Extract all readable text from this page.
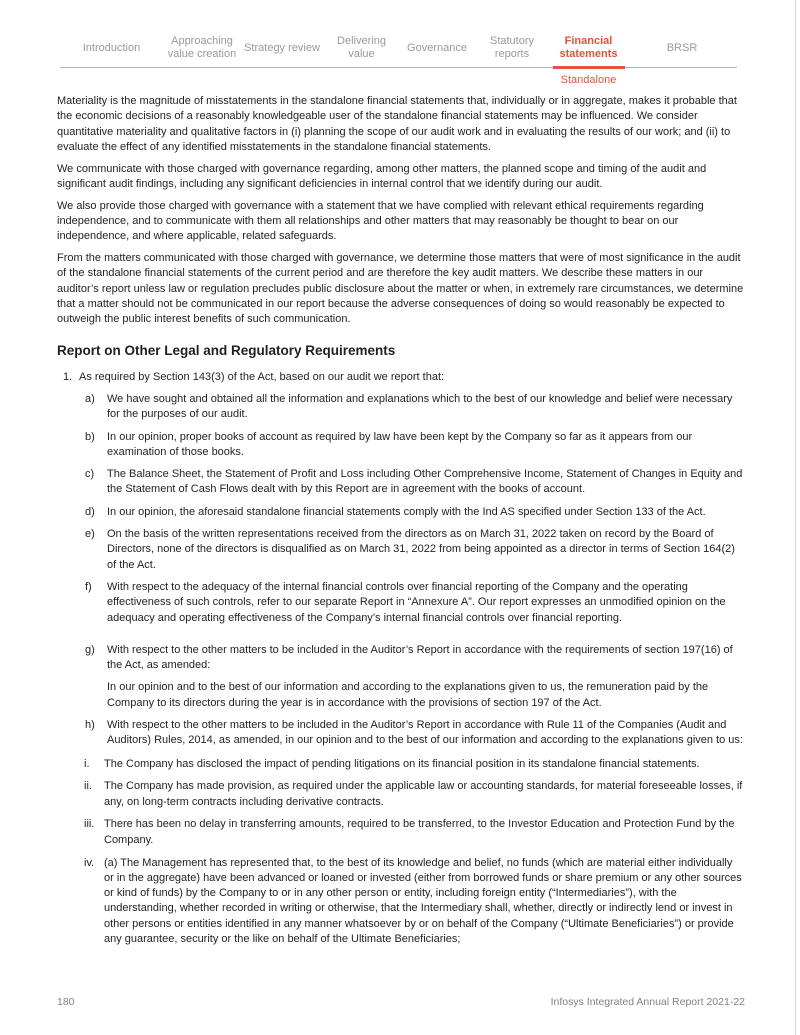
Introduction
Approaching value creation
Strategy review
Delivering value
Governance
Statutory reports
Financial statements
Standalone
BRSR

Materiality is the magnitude of misstatements in the standalone financial statements that, individually or in aggregate, makes it probable that the economic decisions of a reasonably knowledgeable user of the standalone financial statements may be influenced. We consider quantitative materiality and qualitative factors in (i) planning the scope of our audit work and in evaluating the results of our work; and (ii) to evaluate the effect of any identified misstatements in the standalone financial statements.

We communicate with those charged with governance regarding, among other matters, the planned scope and timing of the audit and significant audit findings, including any significant deficiencies in internal control that we identify during our audit.

We also provide those charged with governance with a statement that we have complied with relevant ethical requirements regarding independence, and to communicate with them all relationships and other matters that may reasonably be thought to bear on our independence, and where applicable, related safeguards.

From the matters communicated with those charged with governance, we determine those matters that were of most significance in the audit of the standalone financial statements of the current period and are therefore the key audit matters. We describe these matters in our auditor’s report unless law or regulation precludes public disclosure about the matter or when, in extremely rare circumstances, we determine that a matter should not be communicated in our report because the adverse consequences of doing so would reasonably be expected to outweigh the public interest benefits of such communication.

Report on Other Legal and Regulatory Requirements
1. As required by Section 143(3) of the Act, based on our audit we report that:
a)	We have sought and obtained all the information and explanations which to the best of our knowledge and belief were necessary for the purposes of our audit.
b)	In our opinion, proper books of account as required by law have been kept by the Company so far as it appears from our examination of those books.
c)	The Balance Sheet, the Statement of Profit and Loss including Other Comprehensive Income, Statement of Changes in Equity and the Statement of Cash Flows dealt with by this Report are in agreement with the books of account.
d)	In our opinion, the aforesaid standalone financial statements comply with the Ind AS specified under Section 133 of the Act.
e)	On the basis of the written representations received from the directors as on March 31, 2022 taken on record by the Board of Directors, none of the directors is disqualified as on March 31, 2022 from being appointed as a director in terms of Section 164(2) of the Act.
f)	With respect to the adequacy of the internal financial controls over financial reporting of the Company and the operating effectiveness of such controls, refer to our separate Report in “Annexure A”. Our report expresses an unmodified opinion on the adequacy and operating effectiveness of the Company’s internal financial controls over financial reporting.
g)	With respect to the other matters to be included in the Auditor’s Report in accordance with the requirements of section 197(16) of the Act, as amended:
In our opinion and to the best of our information and according to the explanations given to us, the remuneration paid by the Company to its directors during the year is in accordance with the provisions of section 197 of the Act.
h)	With respect to the other matters to be included in the Auditor’s Report in accordance with Rule 11 of the Companies (Audit and Auditors) Rules, 2014, as amended, in our opinion and to the best of our information and according to the explanations given to us:
i.	The Company has disclosed the impact of pending litigations on its financial position in its standalone financial statements.
ii.	The Company has made provision, as required under the applicable law or accounting standards, for material foreseeable losses, if any, on long-term contracts including derivative contracts.
iii. There has been no delay in transferring amounts, required to be transferred, to the Investor Education and Protection Fund by the Company.
iv. (a) The Management has represented that, to the best of its knowledge and belief, no funds (which are material either individually or in the aggregate) have been advanced or loaned or invested (either from borrowed funds or share premium or any other sources or kind of funds) by the Company to or in any other person or entity, including foreign entity (“Intermediaries”), with the understanding, whether recorded in writing or otherwise, that the Intermediary shall, whether, directly or indirectly lend or invest in other persons or entities identified in any manner whatsoever by or on behalf of the Company (“Ultimate Beneficiaries”) or provide any guarantee, security or the like on behalf of the Ultimate Beneficiaries;
180	Infosys Integrated Annual Report 2021-22
